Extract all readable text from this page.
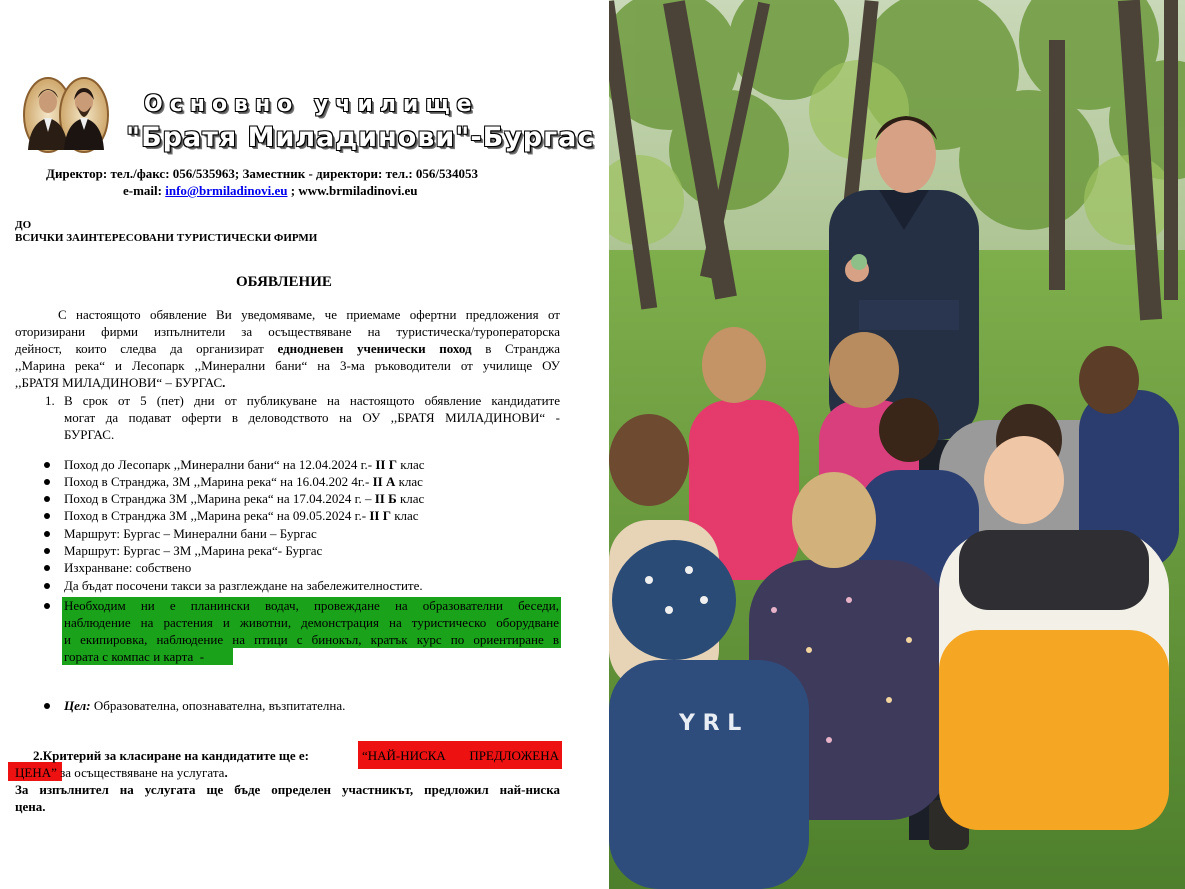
Основно училище
"Братя Миладинови"-Бургас
Директор: тел./факс: 056/535963; Заместник - директори: тел.: 056/534053
e-mail: info@brmiladinovi.eu ; www.brmiladinovi.eu
ДО
ВСИЧКИ ЗАИНТЕРЕСОВАНИ ТУРИСТИЧЕСКИ ФИРМИ
ОБЯВЛЕНИЕ
С настоящото обявление Ви уведомяваме, че приемаме офертни предложения от
оторизирани фирми изпълнители за осъществяване на туристическа/туроператорска
дейност, които следва да организират еднодневен ученически поход в Странджа
,,Марина река“ и Лесопарк ,,Минерални бани“ на 3-ма ръководители от училище ОУ
,,БРАТЯ МИЛАДИНОВИ“ – БУРГАС.
1. В срок от 5 (пет) дни от публикуване на настоящото обявление кандидатите
могат да подават оферти в деловодството на ОУ ,,БРАТЯ МИЛАДИНОВИ“ -
БУРГАС.
Поход до Лесопарк ,,Минерални бани“ на 12.04.2024 г.- II Г клас
Поход в Странджа, ЗМ ,,Марина река“ на 16.04.202 4г.- II А клас
Поход в Странджа ЗМ ,,Марина река“ на 17.04.2024 г. – II Б клас
Поход в Странджа ЗМ ,,Марина река“ на 09.05.2024 г.- II Г клас
Маршрут: Бургас – Минерални бани – Бургас
Маршрут: Бургас – ЗМ ,,Марина река“- Бургас
Изхранване: собствено
Да бъдат посочени такси за разглеждане на забележителностите.
Необходим ни е планински водач, провеждане на образователни беседи,
наблюдение на растения и животни, демонстрация на туристическо оборудване
и екипировка, наблюдение на птици с бинокъл, кратък курс по ориентиране в
гората с компас и карта  -
Цел: Образователна, опознавателна, възпитателна.
2.Критерий за класиране на кандидатите ще е:	“НАЙ-НИСКА ПРЕДЛОЖЕНА
ЦЕНА” за осъществяване на услугата.
За изпълнител на услугата ще бъде определен участникът, предложил най-ниска
цена.
Y R L
